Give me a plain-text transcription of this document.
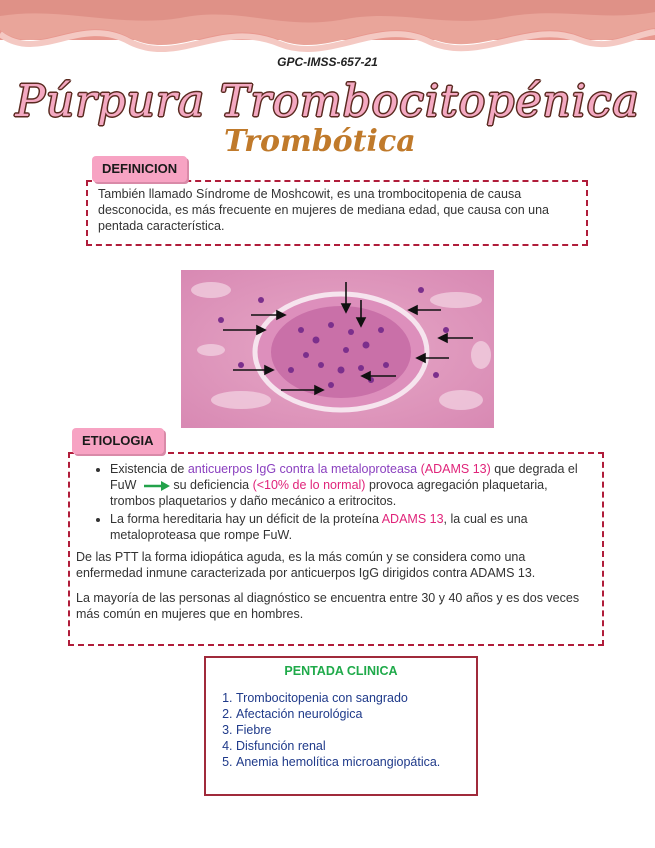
GPC-IMSS-657-21
Púrpura Trombocitopénica
Trombótica
DEFINICION
También llamado Síndrome de Moshcowit, es una trombocitopenia de causa desconocida, es más frecuente en mujeres de mediana edad, que causa con una pentada característica.
ETIOLOGIA
• Existencia de anticuerpos IgG contra la metaloproteasa (ADAMS 13) que degrada el FuW	su deficiencia (<10% de lo normal) provoca agregación plaquetaria, trombos plaquetarios y daño mecánico a eritrocitos.
• La forma hereditaria hay un déficit de la proteína ADAMS 13, la cual es una metaloproteasa que rompe FuW.
De las PTT la forma idiopática aguda, es la más común y se considera como una enfermedad inmune caracterizada por anticuerpos IgG dirigidos contra ADAMS 13.
La mayoría de las personas al diagnóstico se encuentra entre 30 y 40 años y es dos veces más común en mujeres que en hombres.
PENTADA CLINICA
1. Trombocitopenia con sangrado
2. Afectación neurológica
3. Fiebre
4. Disfunción renal
5. Anemia hemolítica microangiopática.
